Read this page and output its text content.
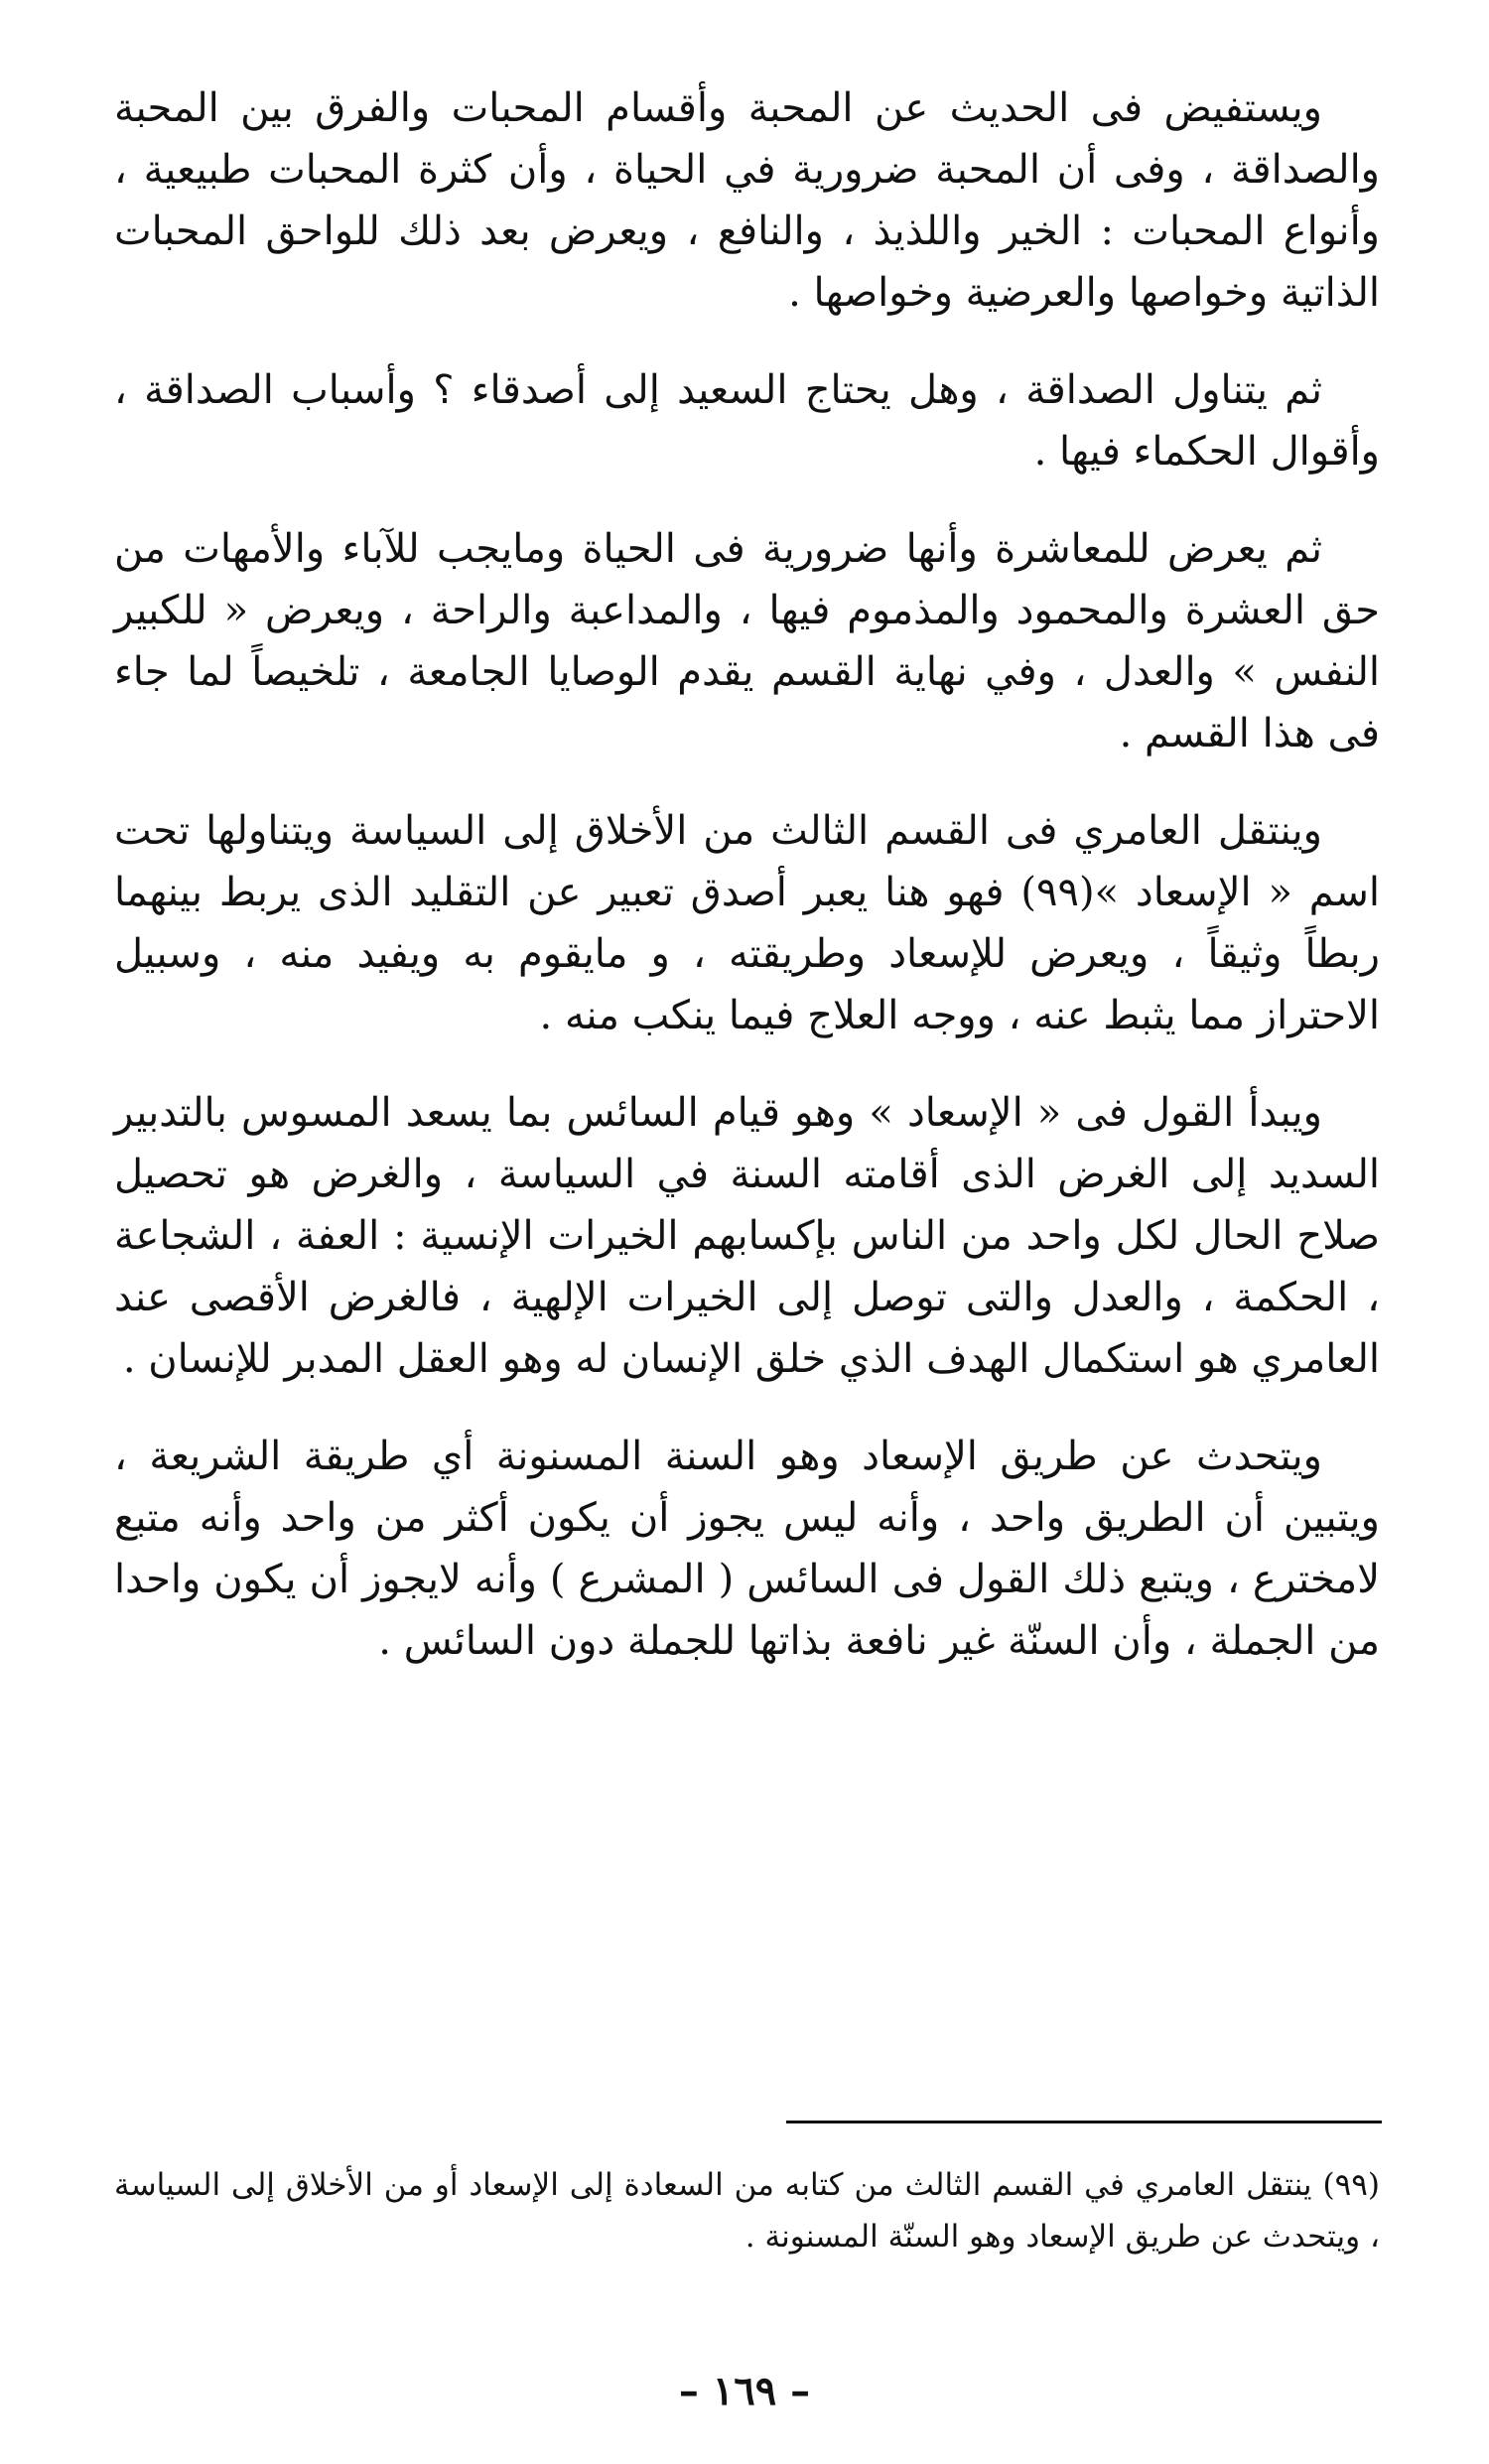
ويستفيض فى الحديث عن المحبة وأقسام المحبات والفرق بين المحبة والصداقة ، وفى أن المحبة ضرورية في الحياة ، وأن كثرة المحبات طبيعية ، وأنواع المحبات : الخير واللذيذ ، والنافع ، ويعرض بعد ذلك للواحق المحبات الذاتية وخواصها والعرضية وخواصها .

ثم يتناول الصداقة ، وهل يحتاج السعيد إلى أصدقاء ؟ وأسباب الصداقة ، وأقوال الحكماء فيها .

ثم يعرض للمعاشرة وأنها ضرورية فى الحياة ومايجب للآباء والأمهات من حق العشرة والمحمود والمذموم فيها ، والمداعبة والراحة ، ويعرض « للكبير النفس » والعدل ، وفي نهاية القسم يقدم الوصايا الجامعة ، تلخيصاً لما جاء فى هذا القسم .

وينتقل العامري فى القسم الثالث من الأخلاق إلى السياسة ويتناولها تحت اسم « الإسعاد »(٩٩) فهو هنا يعبر أصدق تعبير عن التقليد الذى يربط بينهما ربطاً وثيقاً ، ويعرض للإسعاد وطريقته ، و مايقوم به ويفيد منه ، وسبيل الاحتراز مما يثبط عنه ، ووجه العلاج فيما ينكب منه .

ويبدأ القول فى « الإسعاد » وهو قيام السائس بما يسعد المسوس بالتدبير السديد إلى الغرض الذى أقامته السنة في السياسة ، والغرض هو تحصيل صلاح الحال لكل واحد من الناس بإكسابهم الخيرات الإنسية : العفة ، الشجاعة ، الحكمة ، والعدل والتى توصل إلى الخيرات الإلهية ، فالغرض الأقصى عند العامري هو استكمال الهدف الذي خلق الإنسان له وهو العقل المدبر للإنسان .

ويتحدث عن طريق الإسعاد وهو السنة المسنونة أي طريقة الشريعة ، ويتبين أن الطريق واحد ، وأنه ليس يجوز أن يكون أكثر من واحد وأنه متبع لامخترع ، ويتبع ذلك القول فى السائس ( المشرع ) وأنه لايجوز أن يكون واحدا من الجملة ، وأن السنّة غير نافعة بذاتها للجملة دون السائس .

(٩٩) ينتقل العامري في القسم الثالث من كتابه من السعادة إلى الإسعاد أو من الأخلاق إلى السياسة ، ويتحدث عن طريق الإسعاد وهو السنّة المسنونة .

– ١٦٩ –
